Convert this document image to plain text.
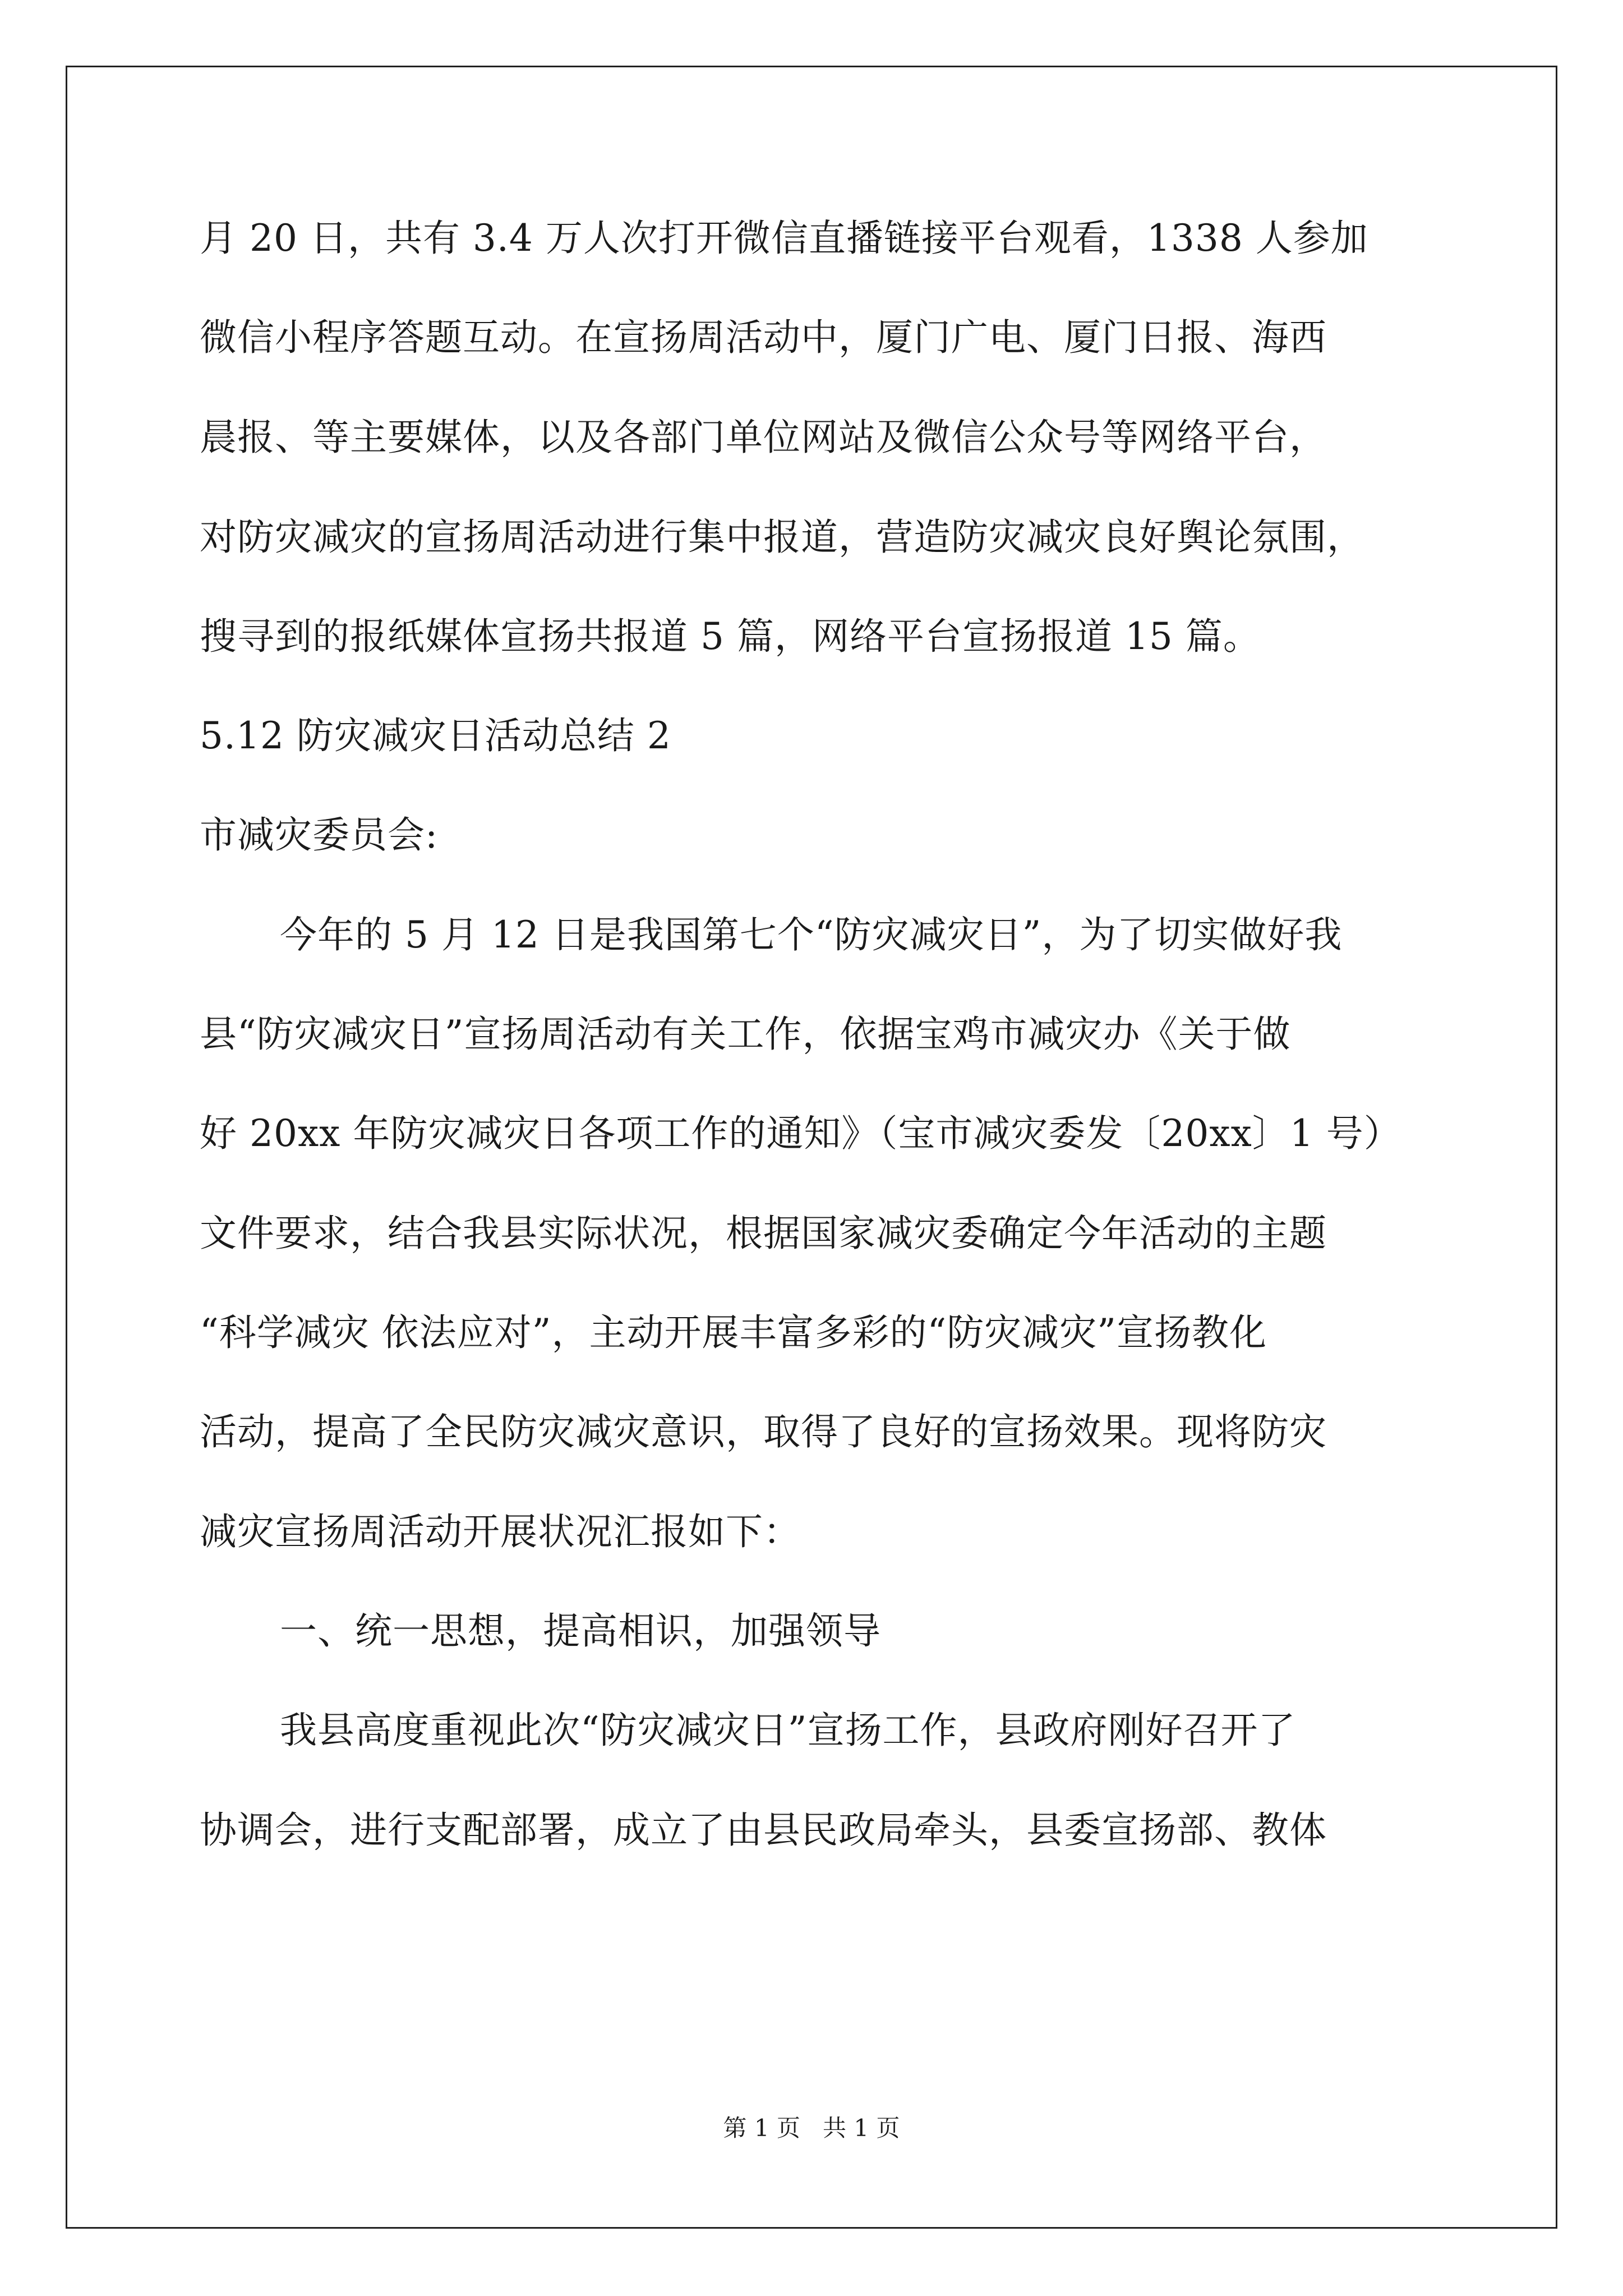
月 20 日，共有 3.4 万人次打开微信直播链接平台观看，1338 人参加
微信小程序答题互动。在宣扬周活动中，厦门广电、厦门日报、海西
晨报、等主要媒体，以及各部门单位网站及微信公众号等网络平台，
对防灾减灾的宣扬周活动进行集中报道，营造防灾减灾良好舆论氛围，
搜寻到的报纸媒体宣扬共报道 5 篇，网络平台宣扬报道 15 篇。
5.12 防灾减灾日活动总结 2
市减灾委员会:
今年的 5 月 12 日是我国第七个“防灾减灾日”，为了切实做好我
县“防灾减灾日”宣扬周活动有关工作，依据宝鸡市减灾办《关于做
好 20xx 年防灾减灾日各项工作的通知》（宝市减灾委发〔20xx〕1 号）
文件要求，结合我县实际状况，根据国家减灾委确定今年活动的主题
“科学减灾 依法应对”，主动开展丰富多彩的“防灾减灾”宣扬教化
活动，提高了全民防灾减灾意识，取得了良好的宣扬效果。现将防灾
减灾宣扬周活动开展状况汇报如下：
一、统一思想，提高相识，加强领导
我县高度重视此次“防灾减灾日”宣扬工作，县政府刚好召开了
协调会，进行支配部署，成立了由县民政局牵头，县委宣扬部、教体
第 1 页   共 1 页
